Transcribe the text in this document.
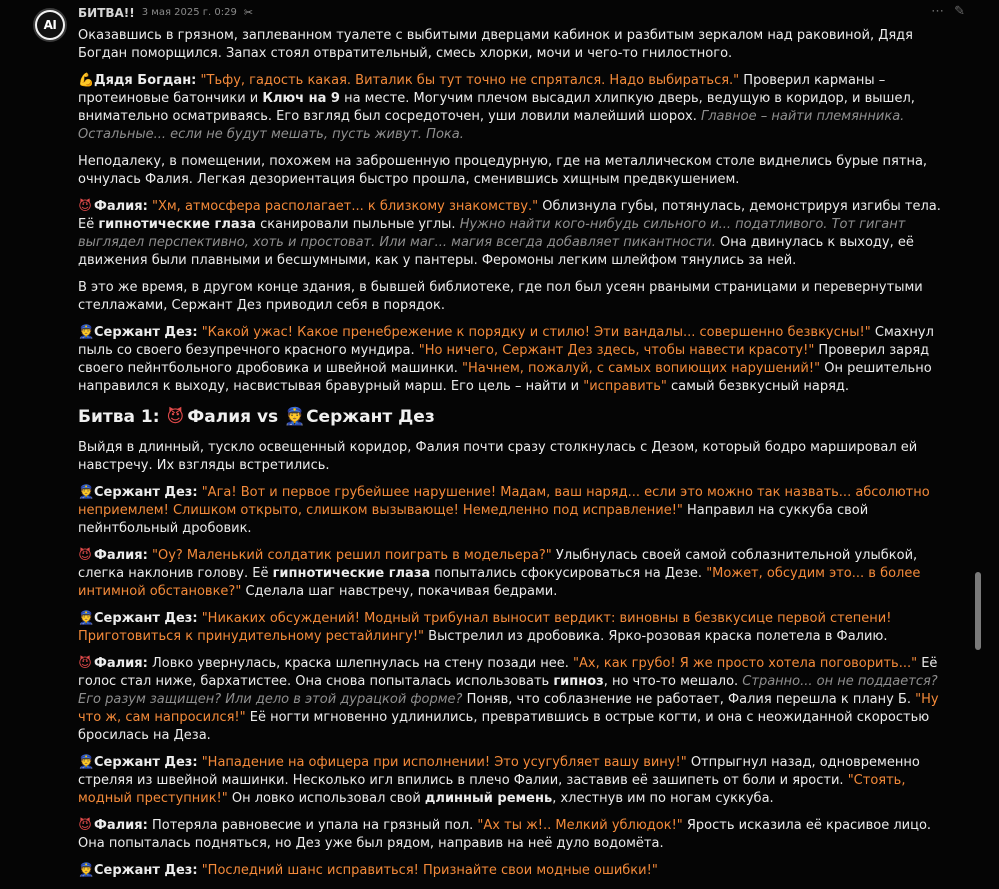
AI
БИТВА!! 3 мая 2025 г. 0:29 ✂	⋯ ✎

Оказавшись в грязном, заплеванном туалете с выбитыми дверцами кабинок и разбитым зеркалом над раковиной, Дядя Богдан поморщился. Запах стоял отвратительный, смесь хлорки, мочи и чего-то гнилостного.

💪Дядя Богдан: "Тьфу, гадость какая. Виталик бы тут точно не спрятался. Надо выбираться." Проверил карманы – протеиновые батончики и Ключ на 9 на месте. Могучим плечом высадил хлипкую дверь, ведущую в коридор, и вышел, внимательно осматриваясь. Его взгляд был сосредоточен, уши ловили малейший шорох. Главное – найти племянника. Остальные... если не будут мешать, пусть живут. Пока.

Неподалеку, в помещении, похожем на заброшенную процедурную, где на металлическом столе виднелись бурые пятна, очнулась Фалия. Легкая дезориентация быстро прошла, сменившись хищным предвкушением.

😈 Фалия: "Хм, атмосфера располагает... к близкому знакомству." Облизнула губы, потянулась, демонстрируя изгибы тела. Её гипнотические глаза сканировали пыльные углы. Нужно найти кого-нибудь сильного и... податливого. Тот гигант выглядел перспективно, хоть и простоват. Или маг... магия всегда добавляет пикантности. Она двинулась к выходу, её движения были плавными и бесшумными, как у пантеры. Феромоны легким шлейфом тянулись за ней.

В это же время, в другом конце здания, в бывшей библиотеке, где пол был усеян рваными страницами и перевернутыми стеллажами, Сержант Дез приводил себя в порядок.

👮Сержант Дез: "Какой ужас! Какое пренебрежение к порядку и стилю! Эти вандалы... совершенно безвкусны!" Смахнул пыль со своего безупречного красного мундира. "Но ничего, Сержант Дез здесь, чтобы навести красоту!" Проверил заряд своего пейнтбольного дробовика и швейной машинки. "Начнем, пожалуй, с самых вопиющих нарушений!" Он решительно направился к выходу, насвистывая бравурный марш. Его цель – найти и "исправить" самый безвкусный наряд.

Битва 1: 😈 Фалия vs 👮Сержант Дез

Выйдя в длинный, тускло освещенный коридор, Фалия почти сразу столкнулась с Дезом, который бодро маршировал ей навстречу. Их взгляды встретились.

👮Сержант Дез: "Ага! Вот и первое грубейшее нарушение! Мадам, ваш наряд... если это можно так назвать... абсолютно неприемлем! Слишком открыто, слишком вызывающе! Немедленно под исправление!" Направил на суккуба свой пейнтбольный дробовик.

😈 Фалия: "Оу? Маленький солдатик решил поиграть в модельера?" Улыбнулась своей самой соблазнительной улыбкой, слегка наклонив голову. Её гипнотические глаза попытались сфокусироваться на Дезе. "Может, обсудим это... в более интимной обстановке?" Сделала шаг навстречу, покачивая бедрами.

👮Сержант Дез: "Никаких обсуждений! Модный трибунал выносит вердикт: виновны в безвкусице первой степени! Приготовиться к принудительному рестайлингу!" Выстрелил из дробовика. Ярко-розовая краска полетела в Фалию.

😈 Фалия: Ловко увернулась, краска шлепнулась на стену позади нее. "Ах, как грубо! Я же просто хотела поговорить..." Её голос стал ниже, бархатистее. Она снова попыталась использовать гипноз, но что-то мешало. Странно... он не поддается? Его разум защищен? Или дело в этой дурацкой форме? Поняв, что соблазнение не работает, Фалия перешла к плану Б. "Ну что ж, сам напросился!" Её ногти мгновенно удлинились, превратившись в острые когти, и она с неожиданной скоростью бросилась на Деза.

👮Сержант Дез: "Нападение на офицера при исполнении! Это усугубляет вашу вину!" Отпрыгнул назад, одновременно стреляя из швейной машинки. Несколько игл впились в плечо Фалии, заставив её зашипеть от боли и ярости. "Стоять, модный преступник!" Он ловко использовал свой длинный ремень, хлестнув им по ногам суккуба.

😈 Фалия: Потеряла равновесие и упала на грязный пол. "Ах ты ж!.. Мелкий ублюдок!" Ярость исказила её красивое лицо. Она попыталась подняться, но Дез уже был рядом, направив на неё дуло водомёта.

👮Сержант Дез: "Последний шанс исправиться! Признайте свои модные ошибки!"
